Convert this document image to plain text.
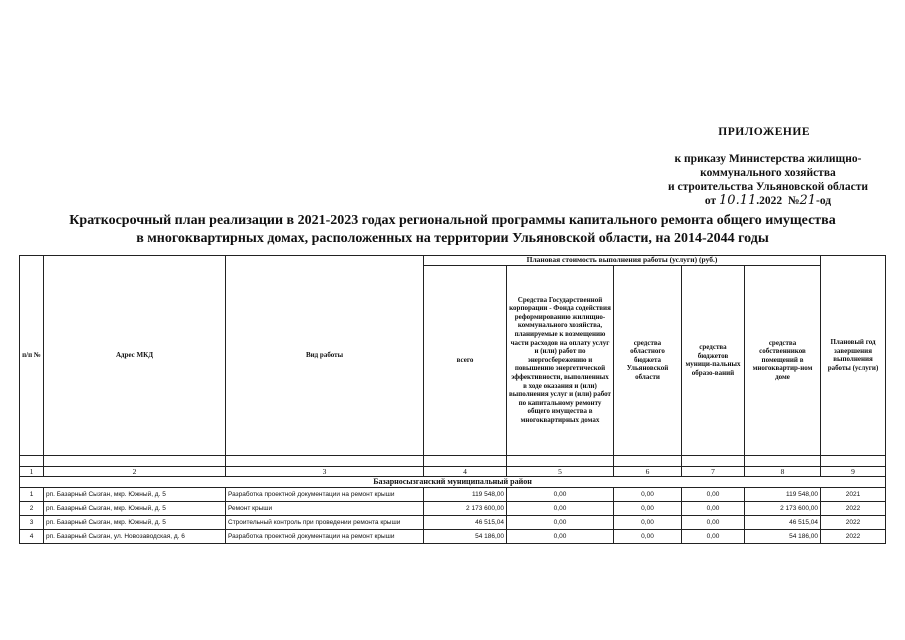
ПРИЛОЖЕНИЕ
к приказу Министерства жилищно-
коммунального хозяйства
и строительства Ульяновской области
от 10.11.2022 №21-од
Краткосрочный план реализации в 2021-2023 годах региональной программы капитального ремонта общего имущества
в многоквартирных домах, расположенных на территории Ульяновской области, на 2014-2044 годы
п/п №	Адрес МКД	Вид работы	Плановая стоимость выполнения работы (услуги) (руб.)					Плановый год завершения выполнения работы (услуги)
			всего	Средства Государственной корпорации - Фонда содействия реформированию жилищно-коммунального хозяйства, планируемые к возмещению части расходов на оплату услуг и (или) работ по энергосбережению и повышению энергетической эффективности, выполненных в ходе оказания и (или) выполнения услуг и (или) работ по капитальному ремонту общего имущества в многоквартирных домах	средства областного бюджета Ульяновской области	средства бюджетов муници-пальных образо-ваний	средства собственников помещений в многоквартир-ном доме	

1	2	3	4	5	6	7	8	9
Базарносызганский муниципальный район								
1	рп. Базарный Сызган, мкр. Южный, д. 5	Разработка проектной документации на ремонт крыши	119 548,00	0,00	0,00	0,00	119 548,00	2021
2	рп. Базарный Сызган, мкр. Южный, д. 5	Ремонт крыши	2 173 600,00	0,00	0,00	0,00	2 173 600,00	2022
3	рп. Базарный Сызган, мкр. Южный, д. 5	Строительный контроль при проведении ремонта крыши	46 515,04	0,00	0,00	0,00	46 515,04	2022
4	рп. Базарный Сызган, ул. Новозаводская, д. 6	Разработка проектной документации на ремонт крыши	54 186,00	0,00	0,00	0,00	54 186,00	2022
